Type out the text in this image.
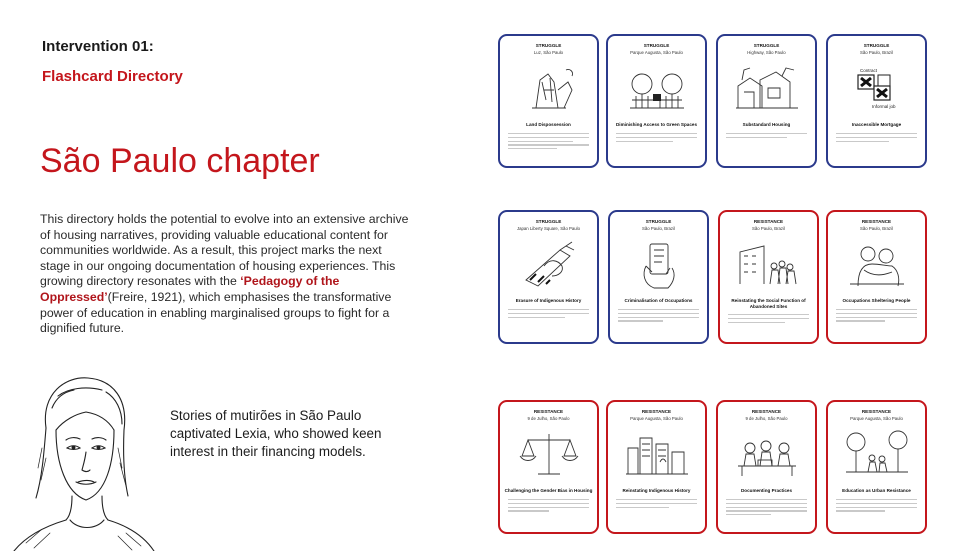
Intervention 01:
Flashcard Directory
São Paulo chapter

This directory holds the potential to evolve into an extensive archive of housing narratives, providing valuable educational content for communities worldwide. As a result, this project marks the next stage in our ongoing documentation of housing experiences. This growing directory resonates with the ‘Pedagogy of the Oppressed’(Freire, 1921), which emphasises the transformative power of education in enabling marginalised groups to fight for a dignified future.

Stories of mutirões in São Paulo captivated Lexia, who showed keen interest in their financing models.
STRUGGLE
Luz, São Paulo
Land Dispossession
STRUGGLE
Parque Augusta, São Paulo
Diminishing Access to Green Spaces
STRUGGLE
Highway, São Paulo
Substandard Housing
STRUGGLE
São Paulo, Brazil
Contract
Informal job
Inaccessible Mortgage
STRUGGLE
Japan Liberty Square, São Paulo
Erasure of Indigenous History
STRUGGLE
São Paulo, Brazil
Criminalisation of Occupations
RESISTANCE
São Paulo, Brazil
Reinstating the Social Function of Abandoned Sites
RESISTANCE
São Paulo, Brazil
Occupations Sheltering People
RESISTANCE
9 de Julho, São Paulo
Challenging the Gender Bias in Housing
RESISTANCE
Parque Augusta, São Paulo
Reinstating Indigenous History
RESISTANCE
9 de Julho, São Paulo
Documenting Practices
RESISTANCE
Parque Augusta, São Paulo
Education as Urban Resistance
